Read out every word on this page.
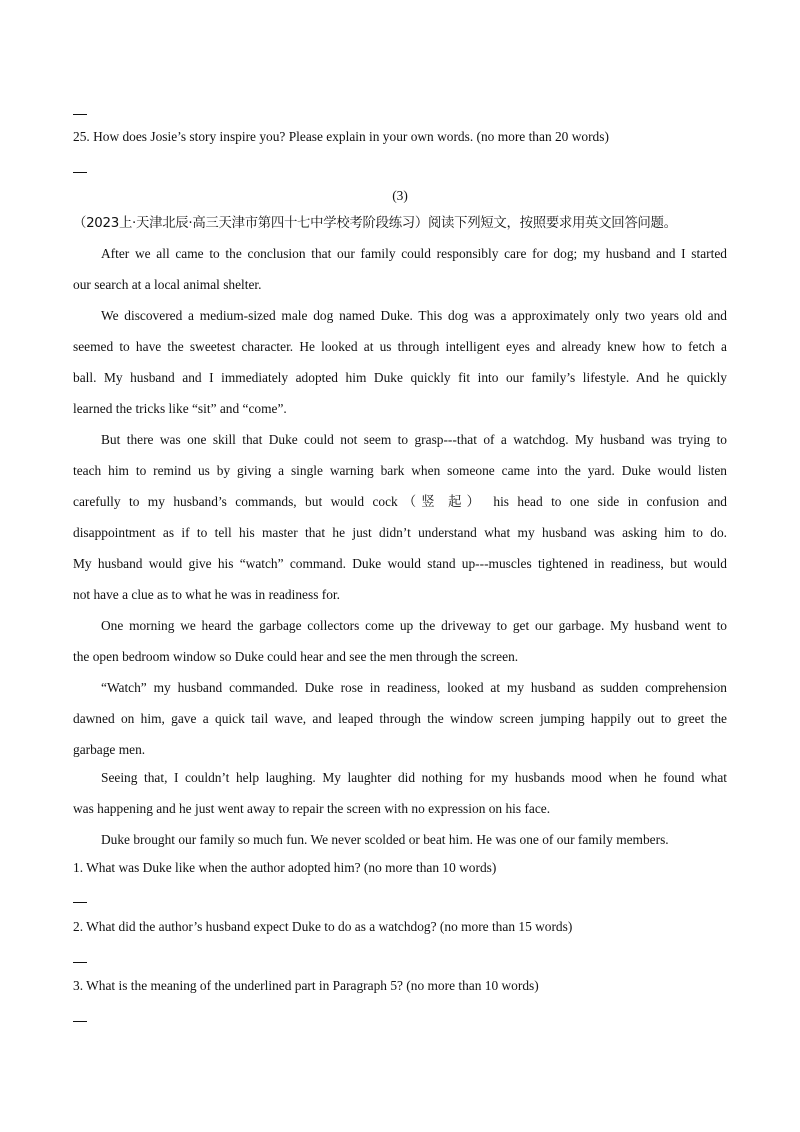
25. How does Josie’s story inspire you? Please explain in your own words. (no more than 20 words)
(3)
（2023上·天津北辰·高三天津市第四十七中学校考阶段练习）阅读下列短文，按照要求用英文回答问题。
After we all came to the conclusion that our family could responsibly care for dog; my husband and I started
our search at a local animal shelter.
We discovered a medium-sized male dog named Duke. This dog was a approximately only two years old and
seemed to have the sweetest character. He looked at us through intelligent eyes and already knew how to fetch a
ball. My husband and I immediately adopted him Duke quickly fit into our family’s lifestyle. And he quickly
learned the tricks like “sit” and “come”.
But there was one skill that Duke could not seem to grasp---that of a watchdog. My husband was trying to
teach him to remind us by giving a single warning bark when someone came into the yard. Duke would listen
carefully to my husband’s commands, but would cock（竖 起） his head to one side in confusion and
disappointment as if to tell his master that he just didn’t understand what my husband was asking him to do.
My husband would give his “watch” command. Duke would stand up---muscles tightened in readiness, but would
not have a clue as to what he was in readiness for.
One morning we heard the garbage collectors come up the driveway to get our garbage. My husband went to
the open bedroom window so Duke could hear and see the men through the screen.
“Watch” my husband commanded. Duke rose in readiness, looked at my husband as sudden comprehension
dawned on him, gave a quick tail wave, and leaped through the window screen jumping happily out to greet the
garbage men.
Seeing that, I couldn’t help laughing. My laughter did nothing for my husbands mood when he found what
was happening and he just went away to repair the screen with no expression on his face.
Duke brought our family so much fun. We never scolded or beat him. He was one of our family members.
1. What was Duke like when the author adopted him? (no more than 10 words)
2. What did the author’s husband expect Duke to do as a watchdog? (no more than 15 words)
3. What is the meaning of the underlined part in Paragraph 5? (no more than 10 words)
